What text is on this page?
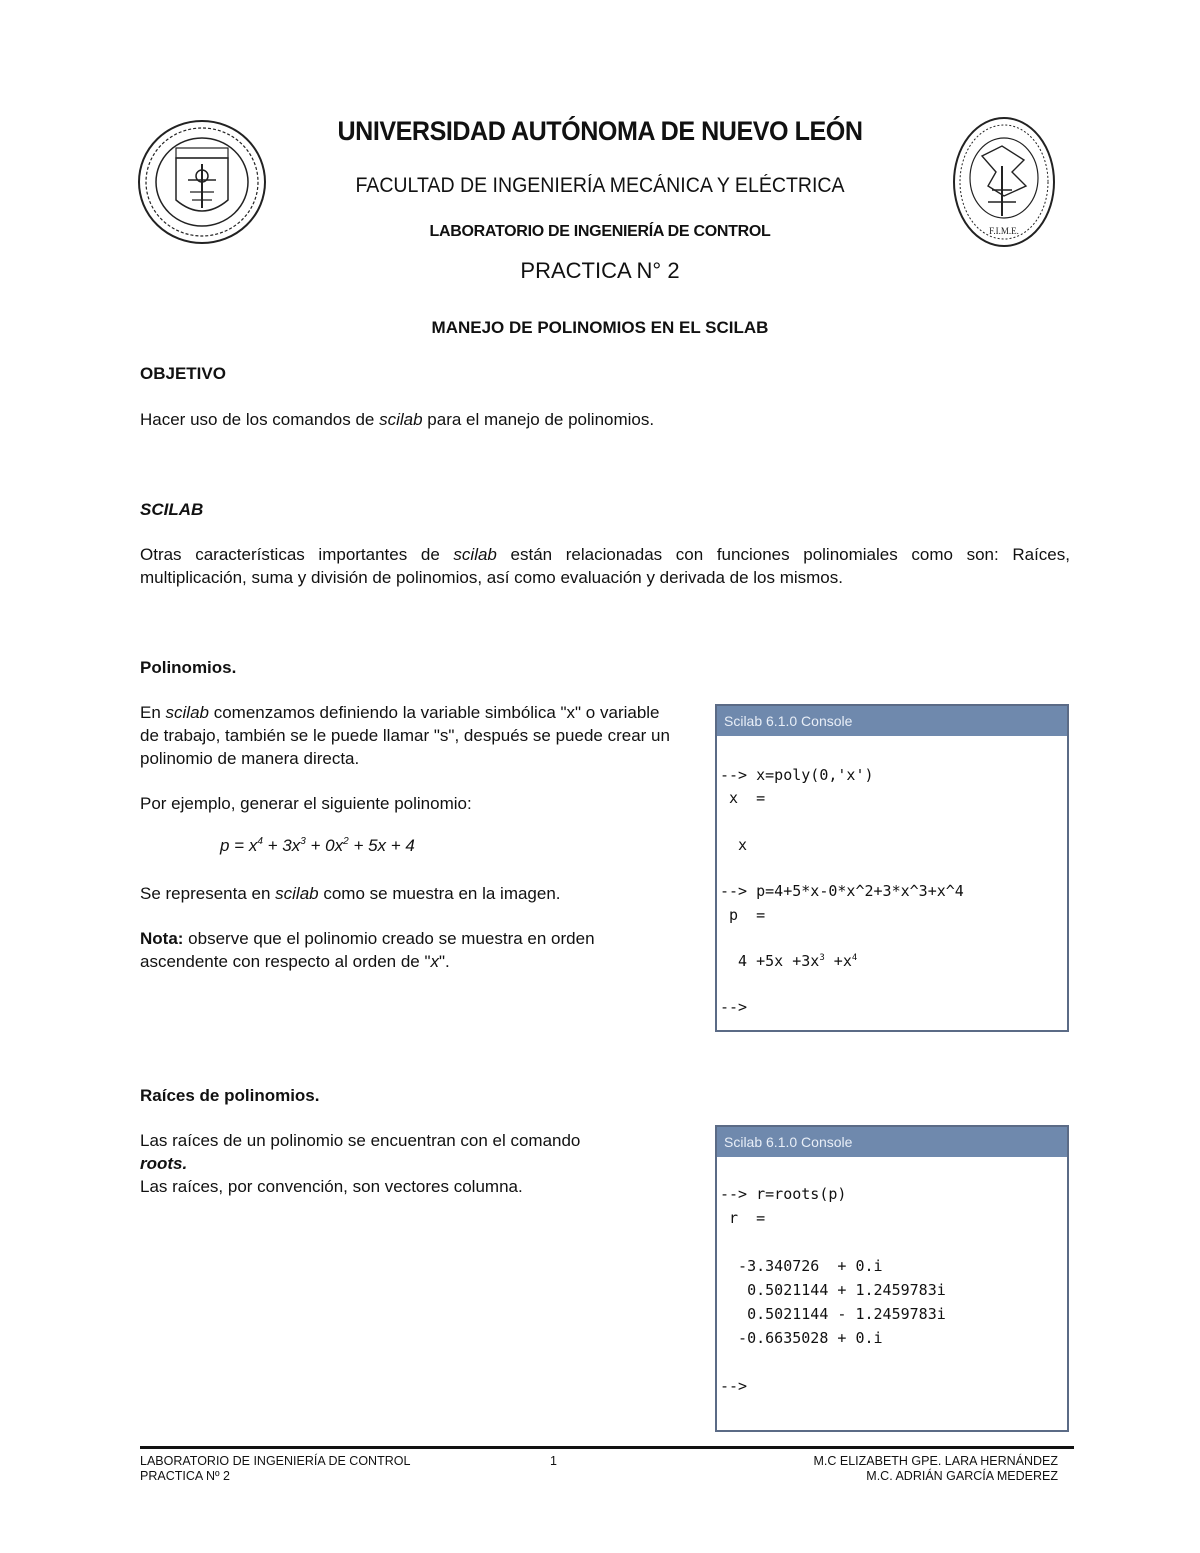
F.I.M.E.
UNIVERSIDAD AUTÓNOMA DE NUEVO LEÓN
FACULTAD DE INGENIERÍA MECÁNICA Y ELÉCTRICA
LABORATORIO DE INGENIERÍA DE CONTROL
PRACTICA N° 2
MANEJO DE POLINOMIOS EN EL SCILAB
OBJETIVO
Hacer uso de los comandos de scilab para el manejo de polinomios.
SCILAB
Otras características importantes de scilab están relacionadas con funciones polinomiales como son: Raíces, multiplicación, suma y división de polinomios, así como evaluación y derivada de los mismos.
Polinomios.
En scilab comenzamos definiendo la variable simbólica "x" o variable de trabajo, también se le puede llamar "s", después se puede crear un polinomio de manera directa.
Por ejemplo, generar el siguiente polinomio:
$p = x^4 + 3x^3 + 0x^2 + 5x + 4$
Se representa en scilab como se muestra en la imagen.
Nota: observe que el polinomio creado se muestra en orden ascendente con respecto al orden de "x".
Scilab 6.1.0 Console
--> x=poly(0,'x')
x  =
x
--> p=4+5*x-0*x^2+3*x^3+x^4
p  =
$4 +5x +3x^3 +x^4$
-->
Raíces de polinomios.
Las raíces de un polinomio se encuentran con el comando
roots.
Las raíces, por convención, son vectores columna.
Scilab 6.1.0 Console
--> r=roots(p)
r  =
-3.340726  + 0.i
0.5021144 + 1.2459783i
0.5021144 - 1.2459783i
-0.6635028 + 0.i
-->
LABORATORIO DE INGENIERÍA DE CONTROL
PRACTICA Nº 2
1	M.C ELIZABETH GPE. LARA HERNÁNDEZ
M.C. ADRIÁN GARCÍA MEDEREZ
